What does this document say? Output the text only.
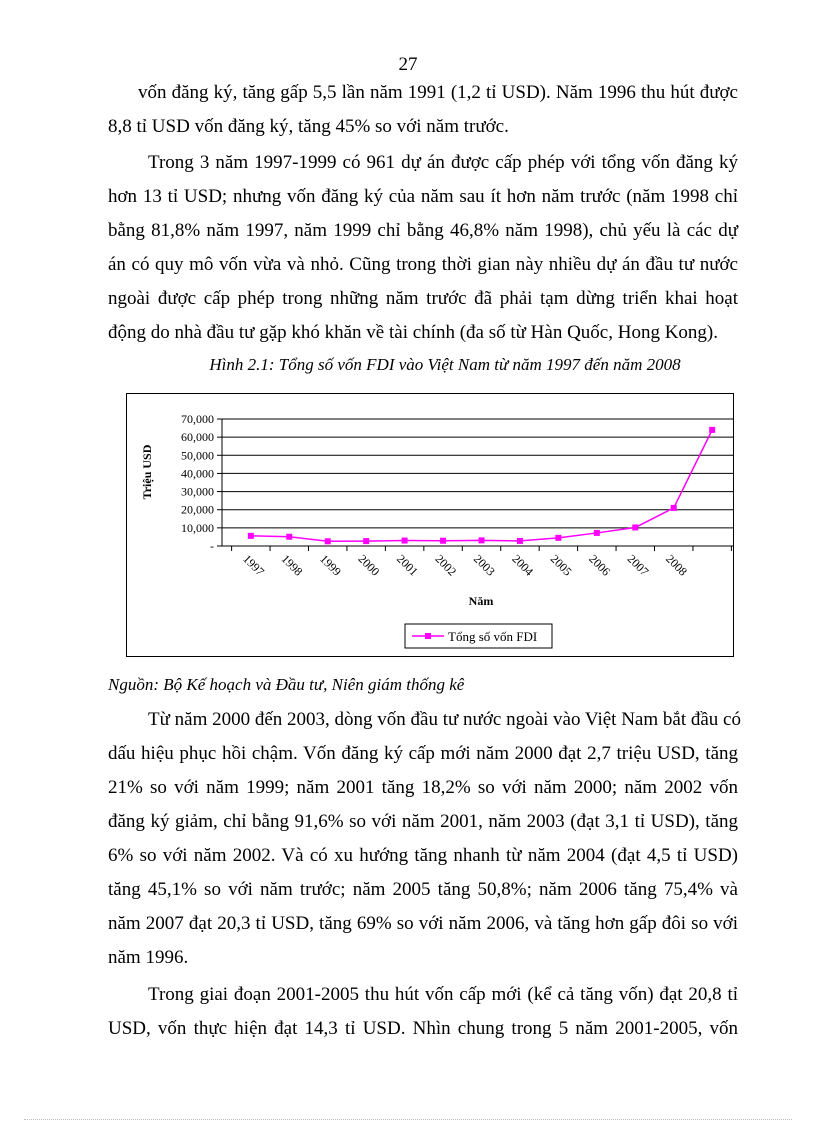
27
vốn đăng ký, tăng gấp 5,5 lần năm 1991 (1,2 tỉ USD). Năm 1996 thu hút được
8,8 tỉ USD vốn đăng ký, tăng 45% so với năm trước.
Trong 3 năm 1997-1999 có 961 dự án được cấp phép với tổng vốn đăng ký
hơn 13 tỉ USD; nhưng vốn đăng ký của năm sau ít hơn năm trước (năm 1998 chỉ
bằng 81,8% năm 1997, năm 1999 chỉ bằng 46,8% năm 1998), chủ yếu là các dự
án có quy mô vốn vừa và nhỏ. Cũng trong thời gian này nhiều dự án đầu tư nước
ngoài được cấp phép trong những năm trước đã phải tạm dừng triển khai hoạt
động do nhà đầu tư gặp khó khăn về tài chính (đa số từ Hàn Quốc, Hong Kong).
Hình 2.1: Tổng số vốn FDI vào Việt Nam từ năm 1997 đến năm 2008
-
10,000
20,000
30,000
40,000
50,000
60,000
70,000
1997 1998 1999 2000 2001 2002 2003 2004 2005 2006 2007 2008
Triệu USD
Năm
Tổng số vốn FDI
Nguồn: Bộ Kế hoạch và Đầu tư, Niên giám thống kê
Từ năm 2000 đến 2003, dòng vốn đầu tư nước ngoài vào Việt Nam bắt đầu có
dấu hiệu phục hồi chậm. Vốn đăng ký cấp mới năm 2000 đạt 2,7 triệu USD, tăng
21% so với năm 1999; năm 2001 tăng 18,2% so với năm 2000; năm 2002 vốn
đăng ký giảm, chỉ bằng 91,6% so với năm 2001, năm 2003 (đạt 3,1 tỉ USD), tăng
6% so với năm 2002. Và có xu hướng tăng nhanh từ năm 2004 (đạt 4,5 tỉ USD)
tăng 45,1% so với năm trước; năm 2005 tăng 50,8%; năm 2006 tăng 75,4% và
năm 2007 đạt 20,3 tỉ USD, tăng 69% so với năm 2006, và tăng hơn gấp đôi so với
năm 1996.
Trong giai đoạn 2001-2005 thu hút vốn cấp mới (kể cả tăng vốn) đạt 20,8 tỉ
USD, vốn thực hiện đạt 14,3 tỉ USD. Nhìn chung trong 5 năm 2001-2005, vốn
